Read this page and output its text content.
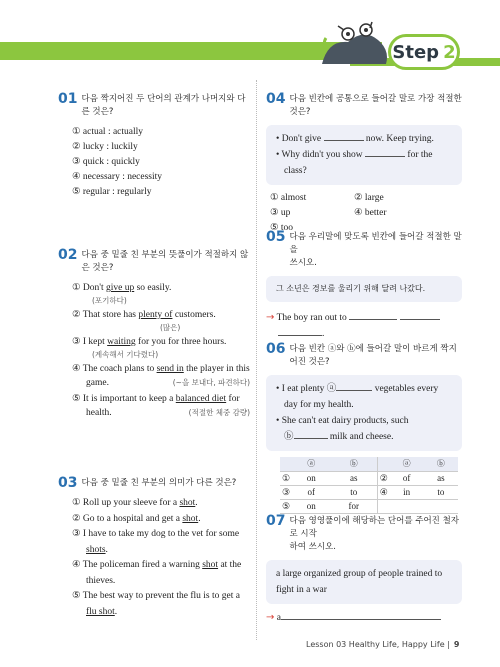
Step 2
01 다음 짝지어진 두 단어의 관계가 나머지와 다른 것은?
① actual : actually
② lucky : luckily
③ quick : quickly
④ necessary : necessity
⑤ regular : regularly
02 다음 중 밑줄 친 부분의 뜻풀이가 적절하지 않은 것은?
① Don't give up so easily.
(포기하다)
② That store has plenty of customers.
(많은)
③ I kept waiting for you for three hours.
(계속해서 기다렸다)
④ The coach plans to send in the player in this
game.	(~을 보내다, 파견하다)
⑤ It is important to keep a balanced diet for
health.	(적절한 체중 감량)
03 다음 중 밑줄 친 부분의 의미가 다른 것은?
① Roll up your sleeve for a shot.
② Go to a hospital and get a shot.
③ I have to take my dog to the vet for some
shots.
④ The policeman fired a warning shot at the
thieves.
⑤ The best way to prevent the flu is to get a
flu shot.
04 다음 빈칸에 공통으로 들어갈 말로 가장 적절한 것은?
• Don't give	now. Keep trying.
• Why didn't you show	for the
class?
① almost	② large
③ up	④ better
⑤ too
05 다음 우리말에 맞도록 빈칸에 들어갈 적절한 말을
쓰시오.
그 소년은 경보를 울리기 위해 달려 나갔다.
→ The boy ran out to
.
06 다음 빈칸 ⓐ와 ⓑ에 들어갈 말이 바르게 짝지어진 것은?
• I eat plenty ⓐ	vegetables every
day for my health.
• She can't eat dairy products, such
ⓑ	milk and cheese.
	ⓐ	ⓑ		ⓐ	ⓑ
①	on	as	②	of	as
③	of	to	④	in	to
⑤	on	for			
07 다음 영영풀이에 해당하는 단어를 주어진 철자로 시작
하여 쓰시오.
a large organized group of people trained to
fight in a war
→ a
Lesson 03 Healthy Life, Happy Life | 9
